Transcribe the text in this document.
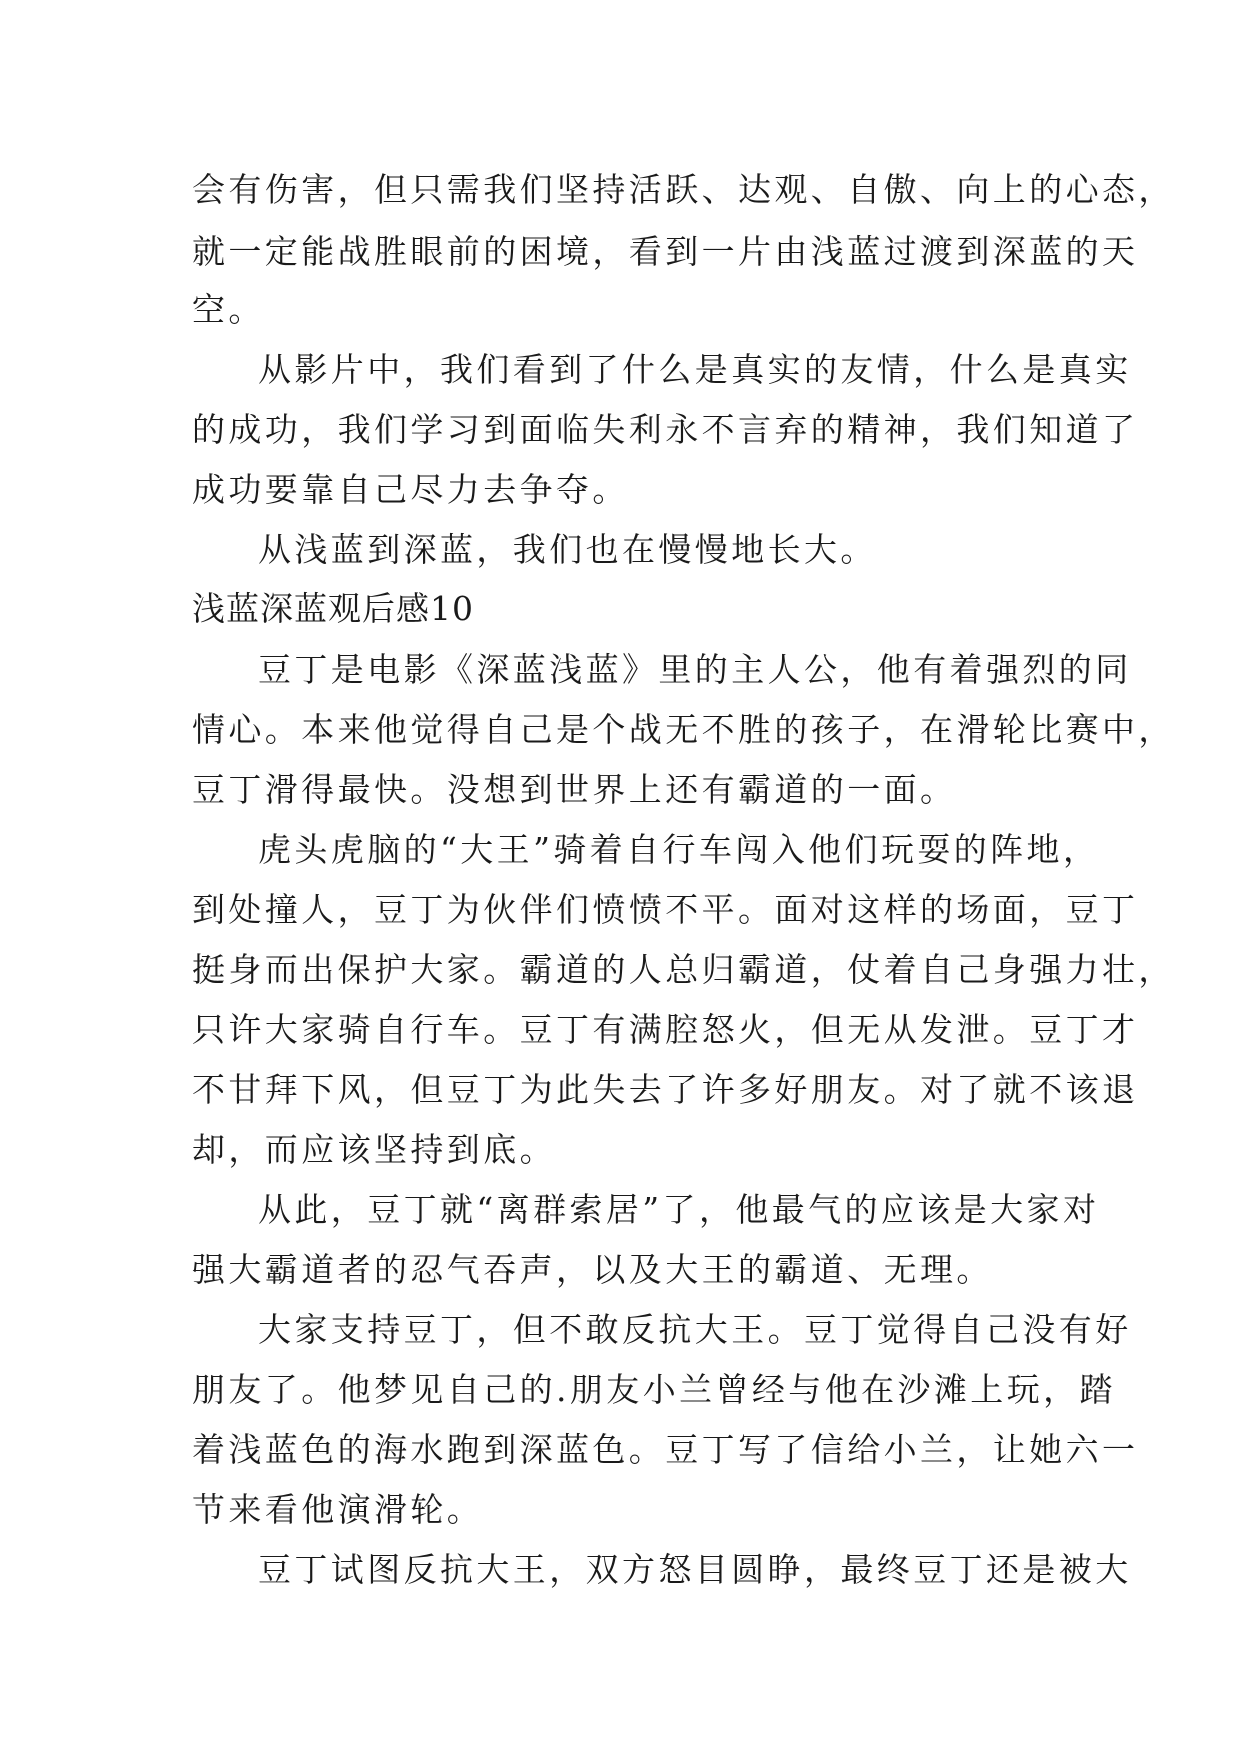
会有伤害，但只需我们坚持活跃、达观、自傲、向上的心态，
就一定能战胜眼前的困境，看到一片由浅蓝过渡到深蓝的天
空。
从影片中，我们看到了什么是真实的友情，什么是真实
的成功，我们学习到面临失利永不言弃的精神，我们知道了
成功要靠自己尽力去争夺。
从浅蓝到深蓝，我们也在慢慢地长大。
浅蓝深蓝观后感10
豆丁是电影《深蓝浅蓝》里的主人公，他有着强烈的同
情心。本来他觉得自己是个战无不胜的孩子，在滑轮比赛中，
豆丁滑得最快。没想到世界上还有霸道的一面。
虎头虎脑的“大王”骑着自行车闯入他们玩耍的阵地，
到处撞人，豆丁为伙伴们愤愤不平。面对这样的场面，豆丁
挺身而出保护大家。霸道的人总归霸道，仗着自己身强力壮，
只许大家骑自行车。豆丁有满腔怒火，但无从发泄。豆丁才
不甘拜下风，但豆丁为此失去了许多好朋友。对了就不该退
却，而应该坚持到底。
从此，豆丁就“离群索居”了，他最气的应该是大家对
强大霸道者的忍气吞声，以及大王的霸道、无理。
大家支持豆丁，但不敢反抗大王。豆丁觉得自己没有好
朋友了。他梦见自己的.朋友小兰曾经与他在沙滩上玩，踏
着浅蓝色的海水跑到深蓝色。豆丁写了信给小兰，让她六一
节来看他演滑轮。
豆丁试图反抗大王，双方怒目圆睁，最终豆丁还是被大
